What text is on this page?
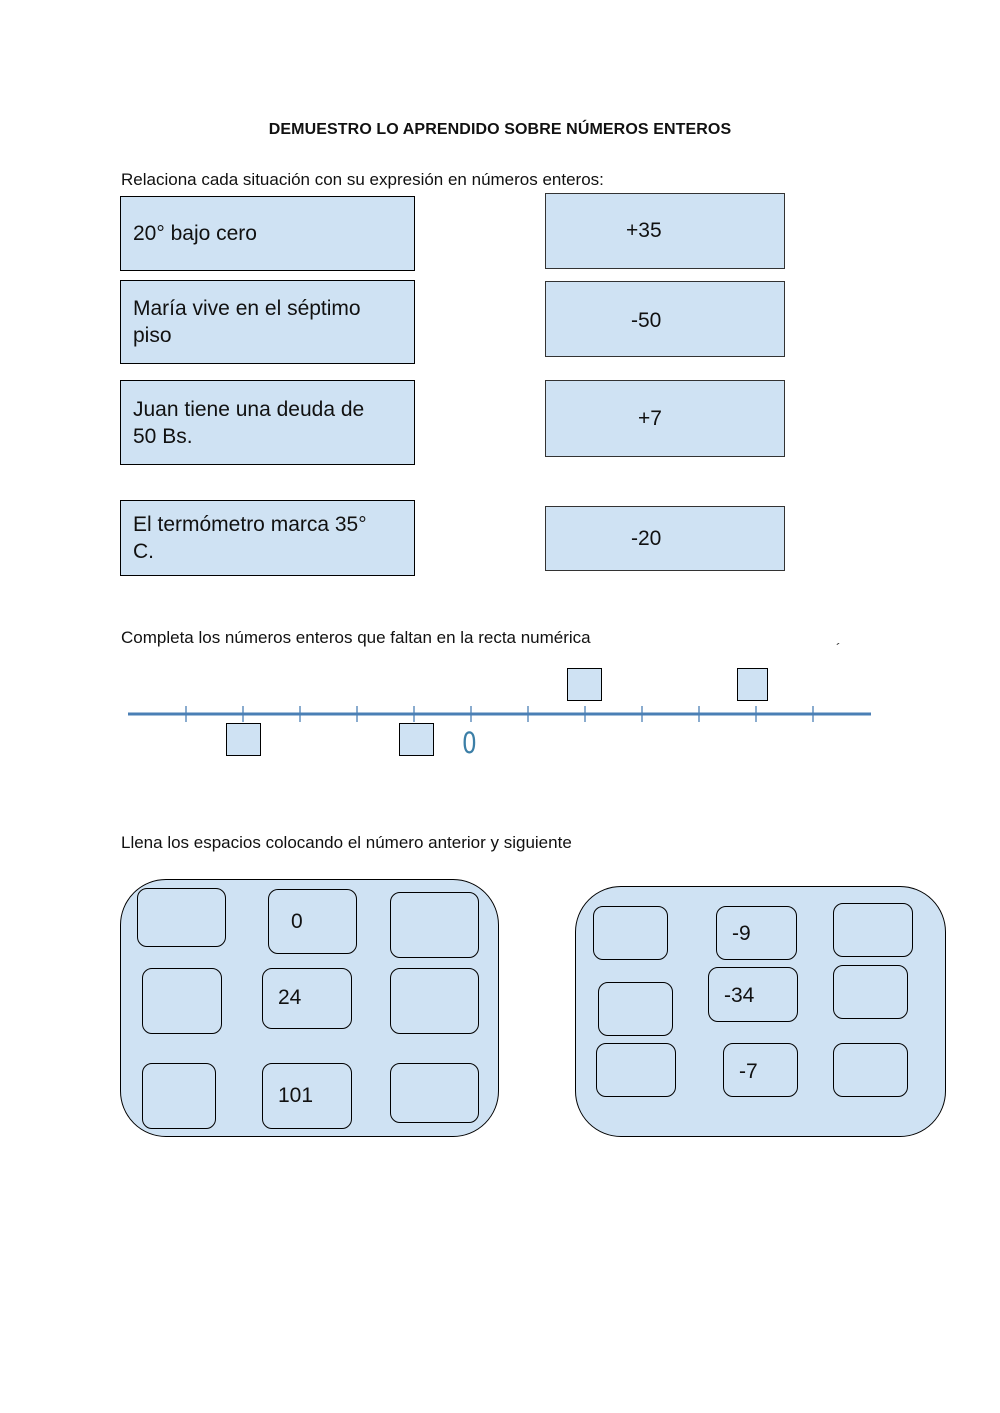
DEMUESTRO LO APRENDIDO SOBRE NÚMEROS ENTEROS
Relaciona cada situación con su expresión en números enteros:
20° bajo cero
María vive en el séptimo
piso
Juan tiene una deuda de
50 Bs.
El termómetro marca 35°
C.
+35
-50
+7
-20
Completa los números enteros que faltan en la recta numérica
´
0
Llena los espacios colocando el número anterior y siguiente
0
24
101
-9
-34
-7
